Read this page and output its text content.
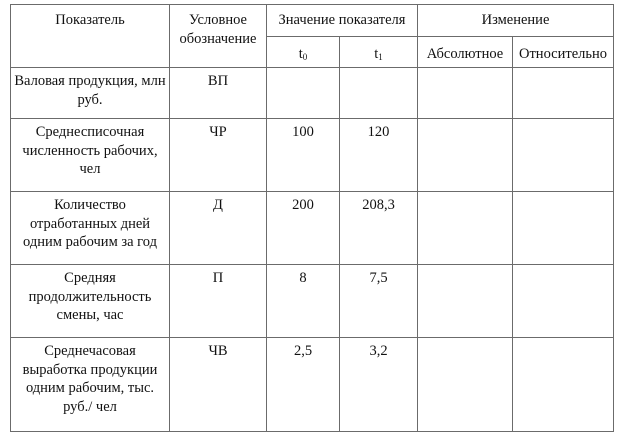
Показатель	Условное обозначение	Значение показателя		Изменение	
		$t_0$	$t_1$	Абсолютное	Относительно
Валовая продукция, млн руб.	ВП				
Среднесписочная численность рабочих, чел	ЧР	100	120		
Количество отработанных дней одним рабочим за год	Д	200	208,3		
Средняя продолжительность смены, час	П	8	7,5		
Среднечасовая выработка продукции одним рабочим, тыс. руб./ чел	ЧВ	2,5	3,2		
